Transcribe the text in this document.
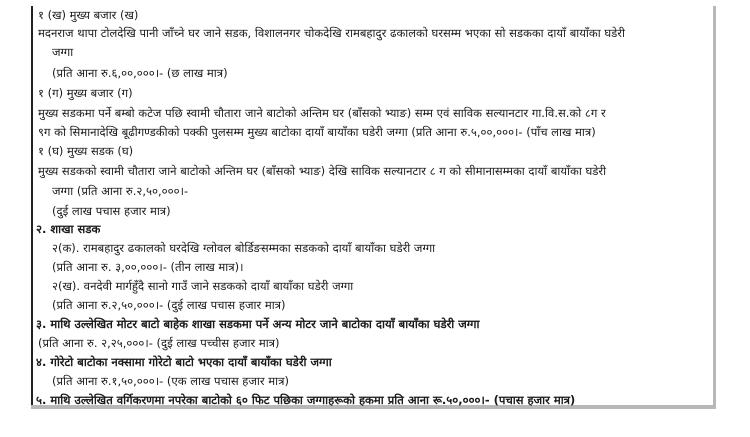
१ (ख) मुख्य बजार (ख)
मदनराज थापा टोलदेखि पानी जाँच्ने घर जाने सडक, विशालनगर चोकदेखि रामबहादुर ढकालको घरसम्म भएका सो सडकका दायाँ बायाँका घडेरी
जग्गा
(प्रति आना रु.६,००,०००।- (छ लाख मात्र)
१ (ग) मुख्य बजार (ग)
मुख्य सडकमा पर्ने बम्बो कटेज पछि स्वामी चौतारा जाने बाटोको अन्तिम घर (बाँसको भ्याङ) सम्म एवं साविक सल्यानटार गा.वि.स.को ८ग र
९ग को सिमानादेखि बूढीगण्डकीको पक्की पुलसम्म मुख्य बाटोका दायाँ बायाँका घडेरी जग्गा (प्रति आना रु.५,००,०००।- (पाँच लाख मात्र)
१ (घ) मुख्य सडक (घ)
मुख्य सडकको स्वामी चौतारा जाने बाटोको अन्तिम घर (बाँसको भ्याङ) देखि साविक सल्यानटार ८ ग को सीमानासम्मका दायाँ बायाँका घडेरी
जग्गा (प्रति आना रु.२,५०,०००।-
(दुई लाख पचास हजार मात्र)
२. शाखा सडक
२(क). रामबहादुर ढकालको घरदेखि ग्लोवल बोर्डिङसम्मका सडकको दायाँ बायाँका घडेरी जग्गा
(प्रति आना रु. ३,००,०००।- (तीन लाख मात्र)।
२(ख). वनदेवी मार्गहुँदै सानो गाउँ जाने सडकको दायाँ बायाँका घडेरी जग्गा
(प्रति आना रु.२,५०,०००।- (दुई लाख पचास हजार मात्र)
३. माथि उल्लेखित मोटर बाटो बाहेक शाखा सडकमा पर्ने अन्य मोटर जाने बाटोका दायाँ बायाँका घडेरी जग्गा
(प्रति आना रु. २,२५,०००।- (दुई लाख पच्चीस हजार मात्र)
४. गोरेटो बाटोका नक्सामा गोरेटो बाटो भएका दायाँ बायाँका घडेरी जग्गा
(प्रति आना रु.१,५०,०००।- (एक लाख पचास हजार मात्र)
५. माथि उल्लेखित वर्गिकरणमा नपरेका बाटोको ६० फिट पछिका जग्गाहरूको हकमा प्रति आना रू.५०,०००।- (पचास हजार मात्र)
